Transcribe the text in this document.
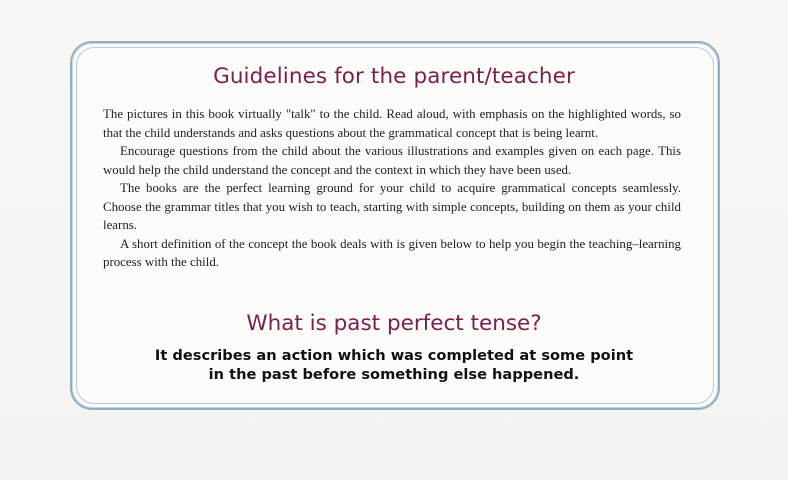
Guidelines for the parent/teacher

The pictures in this book virtually "talk" to the child. Read aloud, with emphasis on the highlighted words, so that the child understands and asks questions about the grammatical concept that is being learnt.

Encourage questions from the child about the various illustrations and examples given on each page. This would help the child understand the concept and the context in which they have been used.

The books are the perfect learning ground for your child to acquire grammatical concepts seamlessly. Choose the grammar titles that you wish to teach, starting with simple concepts, building on them as your child learns.

A short definition of the concept the book deals with is given below to help you begin the teaching–learning process with the child.

What is past perfect tense?
It describes an action which was completed at some point
in the past before something else happened.
